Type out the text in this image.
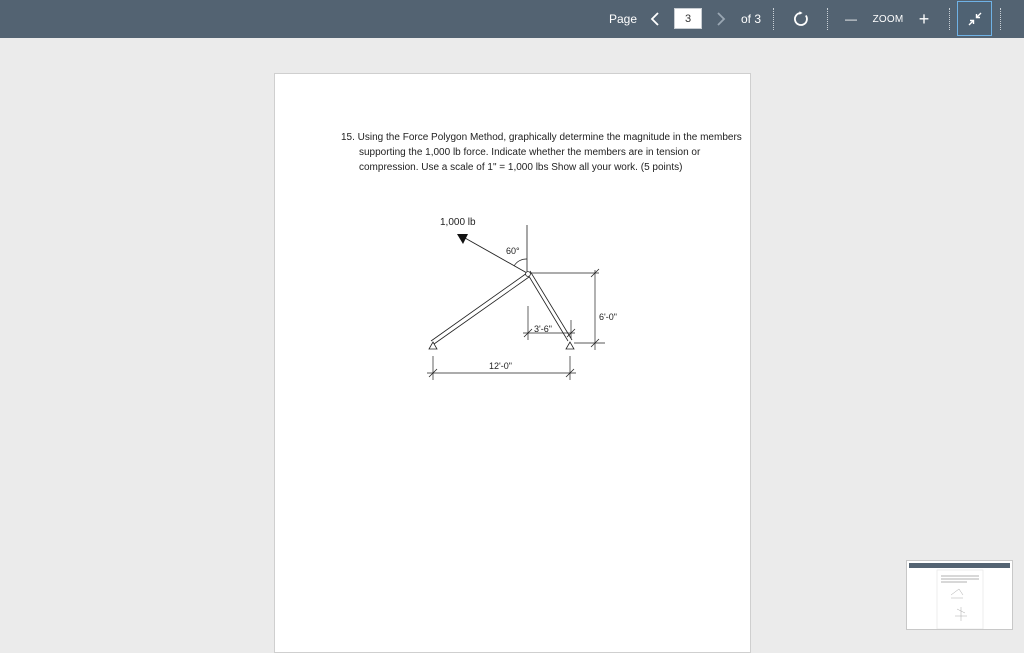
Page
3	of 3	—	ZOOM +

15. Using the Force Polygon Method, graphically determine the magnitude in the members supporting the 1,000 lb force. Indicate whether the members are in tension or compression. Use a scale of 1" = 1,000 lbs Show all your work. (5 points)

1,000 lb
60°
6'-0"
3'-6"
12'-0"
